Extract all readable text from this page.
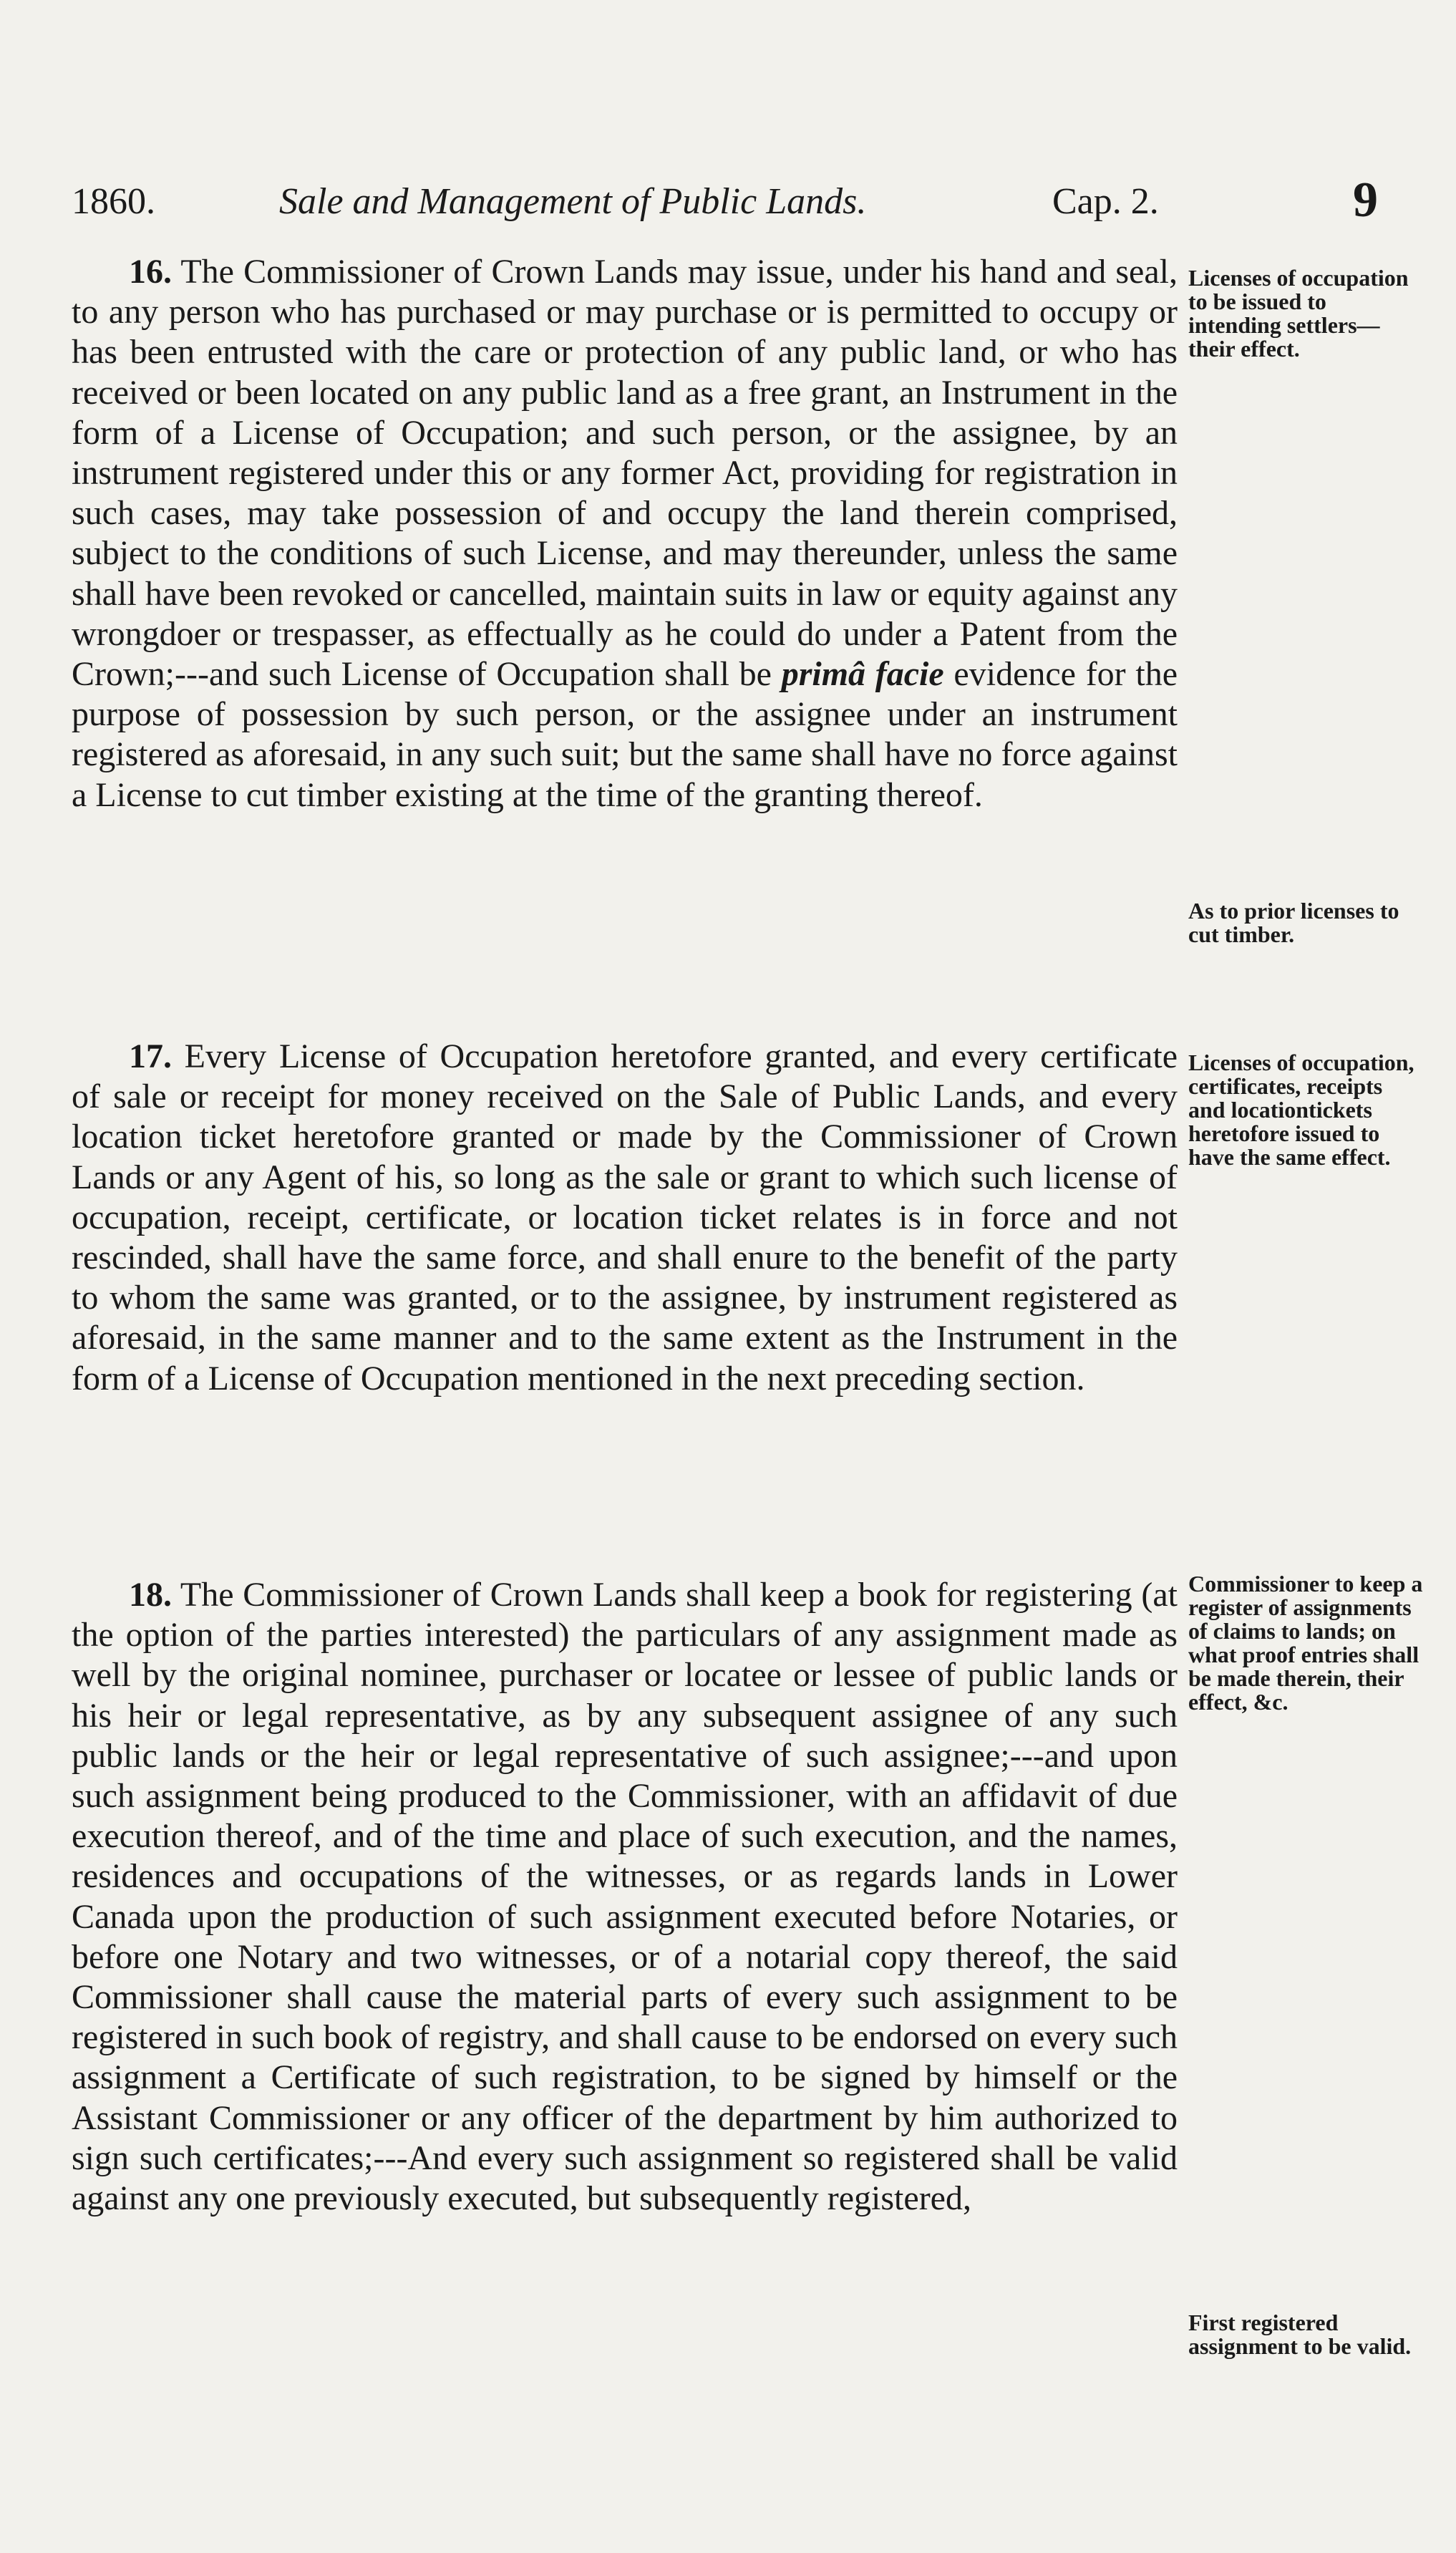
1860.	Sale and Management of Public Lands.	Cap. 2.	9
16. The Commissioner of Crown Lands may issue, under his hand and seal, to any person who has purchased or may purchase or is permitted to occupy or has been entrusted with the care or protection of any public land, or who has received or been located on any public land as a free grant, an Instrument in the form of a License of Occupation; and such person, or the assignee, by an instrument registered under this or any former Act, providing for registration in such cases, may take possession of and occupy the land therein comprised, subject to the conditions of such License, and may thereunder, unless the same shall have been revoked or cancelled, maintain suits in law or equity against any wrongdoer or trespasser, as effectually as he could do under a Patent from the Crown;---and such License of Occupation shall be primâ facie evidence for the purpose of possession by such person, or the assignee under an instrument registered as aforesaid, in any such suit; but the same shall have no force against a License to cut timber existing at the time of the granting thereof.
Licenses of occupation to be issued to intending settlers—their effect.
As to prior licenses to cut timber.
17. Every License of Occupation heretofore granted, and every certificate of sale or receipt for money received on the Sale of Public Lands, and every location ticket heretofore granted or made by the Commissioner of Crown Lands or any Agent of his, so long as the sale or grant to which such license of occupation, receipt, certificate, or location ticket relates is in force and not rescinded, shall have the same force, and shall enure to the benefit of the party to whom the same was granted, or to the assignee, by instrument registered as aforesaid, in the same manner and to the same extent as the Instrument in the form of a License of Occupation mentioned in the next preceding section.
Licenses of occupation, certificates, receipts and locationtickets heretofore issued to have the same effect.
18. The Commissioner of Crown Lands shall keep a book for registering (at the option of the parties interested) the particulars of any assignment made as well by the original nominee, purchaser or locatee or lessee of public lands or his heir or legal representative, as by any subsequent assignee of any such public lands or the heir or legal representative of such assignee;---and upon such assignment being produced to the Commissioner, with an affidavit of due execution thereof, and of the time and place of such execution, and the names, residences and occupations of the witnesses, or as regards lands in Lower Canada upon the production of such assignment executed before Notaries, or before one Notary and two witnesses, or of a notarial copy thereof, the said Commissioner shall cause the material parts of every such assignment to be registered in such book of registry, and shall cause to be endorsed on every such assignment a Certificate of such registration, to be signed by himself or the Assistant Commissioner or any officer of the department by him authorized to sign such certificates;---And every such assignment so registered shall be valid against any one previously executed, but subsequently registered,
Commissioner to keep a register of assignments of claims to lands; on what proof entries shall be made therein, their effect, &c.
First registered assignment to be valid.
